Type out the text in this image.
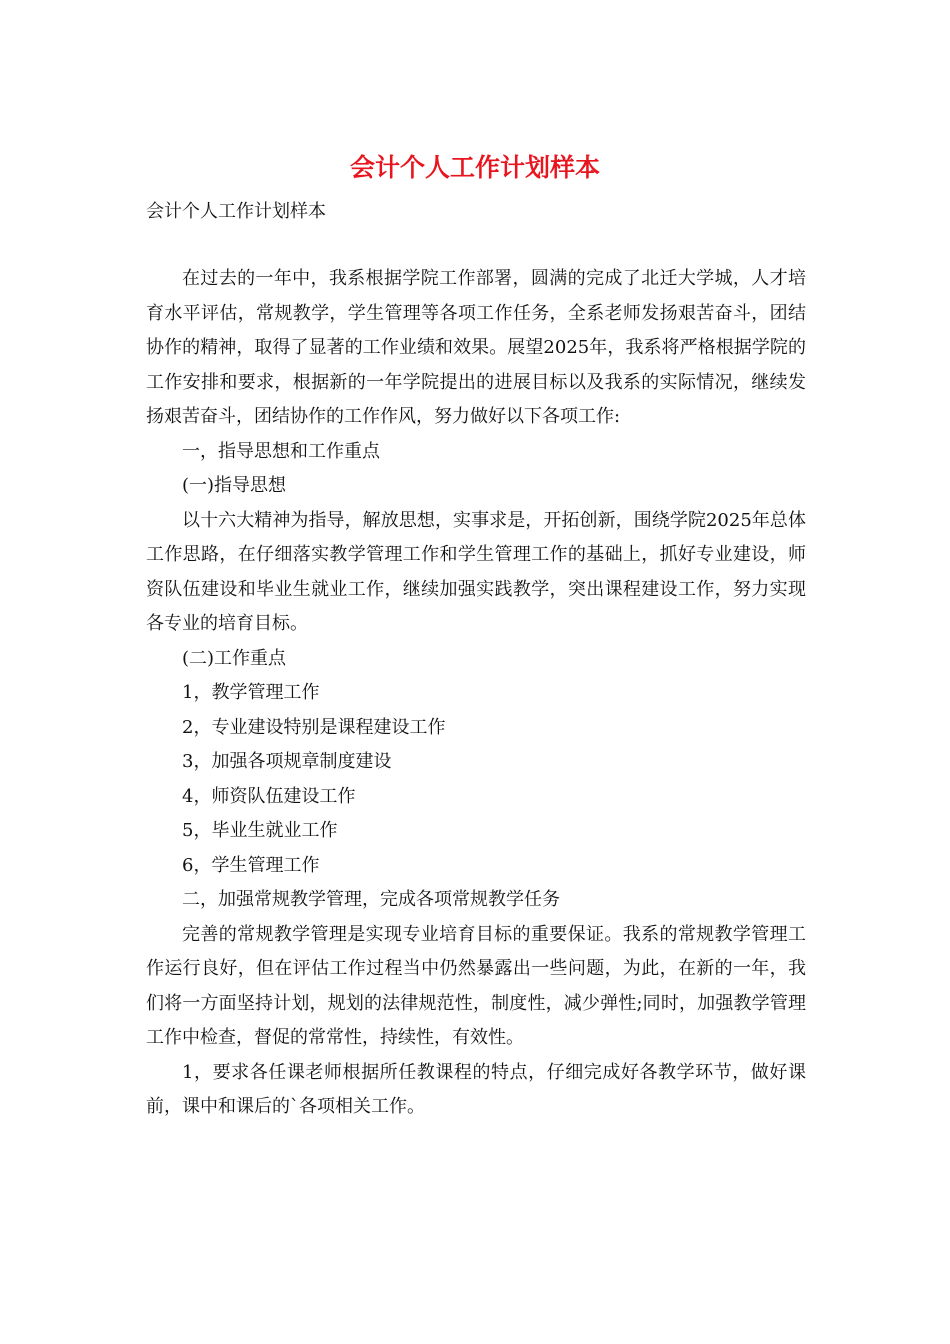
会计个人工作计划样本

会计个人工作计划样本

在过去的一年中，我系根据学院工作部署，圆满的完成了北迁大学城，人才培育水平评估，常规教学，学生管理等各项工作任务，全系老师发扬艰苦奋斗，团结协作的精神，取得了显著的工作业绩和效果。展望2025年，我系将严格根据学院的工作安排和要求，根据新的一年学院提出的进展目标以及我系的实际情况，继续发扬艰苦奋斗，团结协作的工作作风，努力做好以下各项工作:

一，指导思想和工作重点

(一)指导思想

以十六大精神为指导，解放思想，实事求是，开拓创新，围绕学院2025年总体工作思路，在仔细落实教学管理工作和学生管理工作的基础上，抓好专业建设，师资队伍建设和毕业生就业工作，继续加强实践教学，突出课程建设工作，努力实现各专业的培育目标。

(二)工作重点

1，教学管理工作

2，专业建设特别是课程建设工作

3，加强各项规章制度建设

4，师资队伍建设工作

5，毕业生就业工作

6，学生管理工作

二，加强常规教学管理，完成各项常规教学任务

完善的常规教学管理是实现专业培育目标的重要保证。我系的常规教学管理工作运行良好，但在评估工作过程当中仍然暴露出一些问题，为此，在新的一年，我们将一方面坚持计划，规划的法律规范性，制度性，减少弹性;同时，加强教学管理工作中检查，督促的常常性，持续性，有效性。

1，要求各任课老师根据所任教课程的特点，仔细完成好各教学环节，做好课前，课中和课后的`各项相关工作。
